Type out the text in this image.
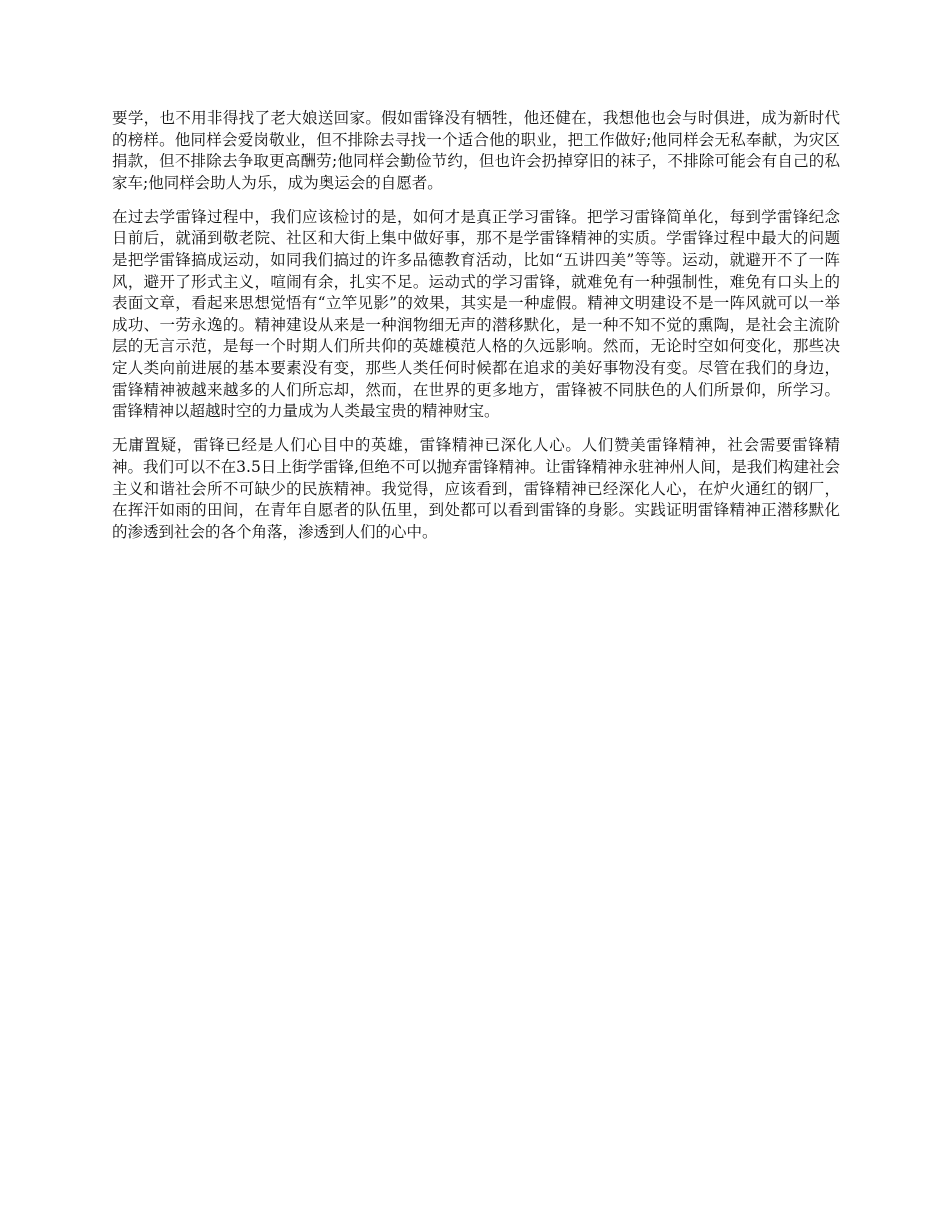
要学，也不用非得找了老大娘送回家。假如雷锋没有牺牲，他还健在，我想他也会与时俱进，成为新时代的榜样。他同样会爱岗敬业，但不排除去寻找一个适合他的职业，把工作做好;他同样会无私奉献，为灾区捐款，但不排除去争取更高酬劳;他同样会勤俭节约，但也许会扔掉穿旧的袜子，不排除可能会有自己的私家车;他同样会助人为乐，成为奥运会的自愿者。

在过去学雷锋过程中，我们应该检讨的是，如何才是真正学习雷锋。把学习雷锋简单化，每到学雷锋纪念日前后，就涌到敬老院、社区和大街上集中做好事，那不是学雷锋精神的实质。学雷锋过程中最大的问题是把学雷锋搞成运动，如同我们搞过的许多品德教育活动，比如“五讲四美”等等。运动，就避开不了一阵风，避开了形式主义，喧闹有余，扎实不足。运动式的学习雷锋，就难免有一种强制性，难免有口头上的表面文章，看起来思想觉悟有“立竿见影”的效果，其实是一种虚假。精神文明建设不是一阵风就可以一举成功、一劳永逸的。精神建设从来是一种润物细无声的潜移默化，是一种不知不觉的熏陶，是社会主流阶层的无言示范，是每一个时期人们所共仰的英雄模范人格的久远影响。然而，无论时空如何变化，那些决定人类向前进展的基本要素没有变，那些人类任何时候都在追求的美好事物没有变。尽管在我们的身边，雷锋精神被越来越多的人们所忘却，然而，在世界的更多地方，雷锋被不同肤色的人们所景仰，所学习。雷锋精神以超越时空的力量成为人类最宝贵的精神财宝。

无庸置疑，雷锋已经是人们心目中的英雄，雷锋精神已深化人心。人们赞美雷锋精神，社会需要雷锋精神。我们可以不在3.5日上街学雷锋,但绝不可以抛弃雷锋精神。让雷锋精神永驻神州人间，是我们构建社会主义和谐社会所不可缺少的民族精神。我觉得，应该看到，雷锋精神已经深化人心，在炉火通红的钢厂，在挥汗如雨的田间，在青年自愿者的队伍里，到处都可以看到雷锋的身影。实践证明雷锋精神正潜移默化的渗透到社会的各个角落，渗透到人们的心中。
